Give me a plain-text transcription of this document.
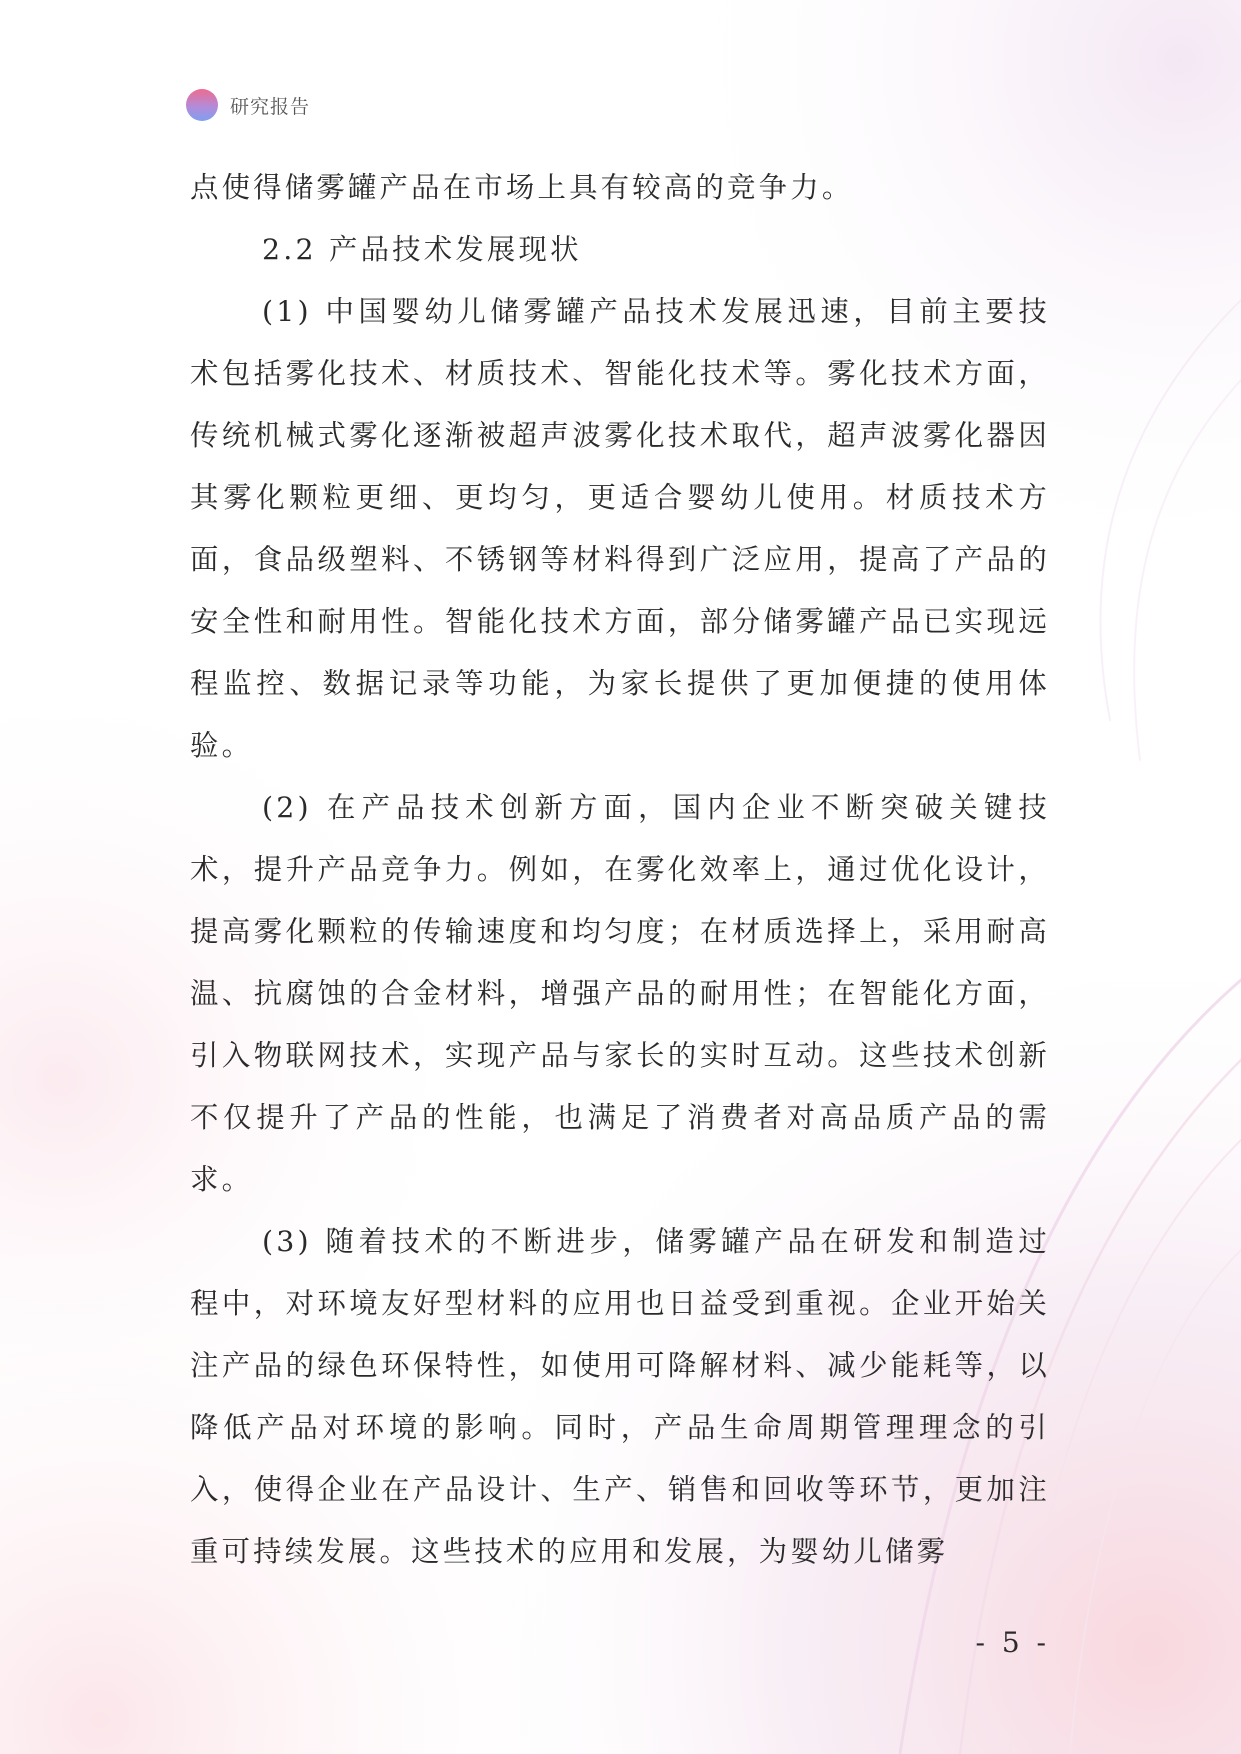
研究报告

点使得储雾罐产品在市场上具有较高的竞争力。

2.2 产品技术发展现状

(1) 中国婴幼儿储雾罐产品技术发展迅速，目前主要技术包括雾化技术、材质技术、智能化技术等。雾化技术方面，传统机械式雾化逐渐被超声波雾化技术取代，超声波雾化器因其雾化颗粒更细、更均匀，更适合婴幼儿使用。材质技术方面，食品级塑料、不锈钢等材料得到广泛应用，提高了产品的安全性和耐用性。智能化技术方面，部分储雾罐产品已实现远程监控、数据记录等功能，为家长提供了更加便捷的使用体验。

(2) 在产品技术创新方面，国内企业不断突破关键技术，提升产品竞争力。例如，在雾化效率上，通过优化设计，提高雾化颗粒的传输速度和均匀度；在材质选择上，采用耐高温、抗腐蚀的合金材料，增强产品的耐用性；在智能化方面，引入物联网技术，实现产品与家长的实时互动。这些技术创新不仅提升了产品的性能，也满足了消费者对高品质产品的需求。

(3) 随着技术的不断进步，储雾罐产品在研发和制造过程中，对环境友好型材料的应用也日益受到重视。企业开始关注产品的绿色环保特性，如使用可降解材料、减少能耗等，以降低产品对环境的影响。同时，产品生命周期管理理念的引入，使得企业在产品设计、生产、销售和回收等环节，更加注重可持续发展。这些技术的应用和发展，为婴幼儿储雾

- 5 -
